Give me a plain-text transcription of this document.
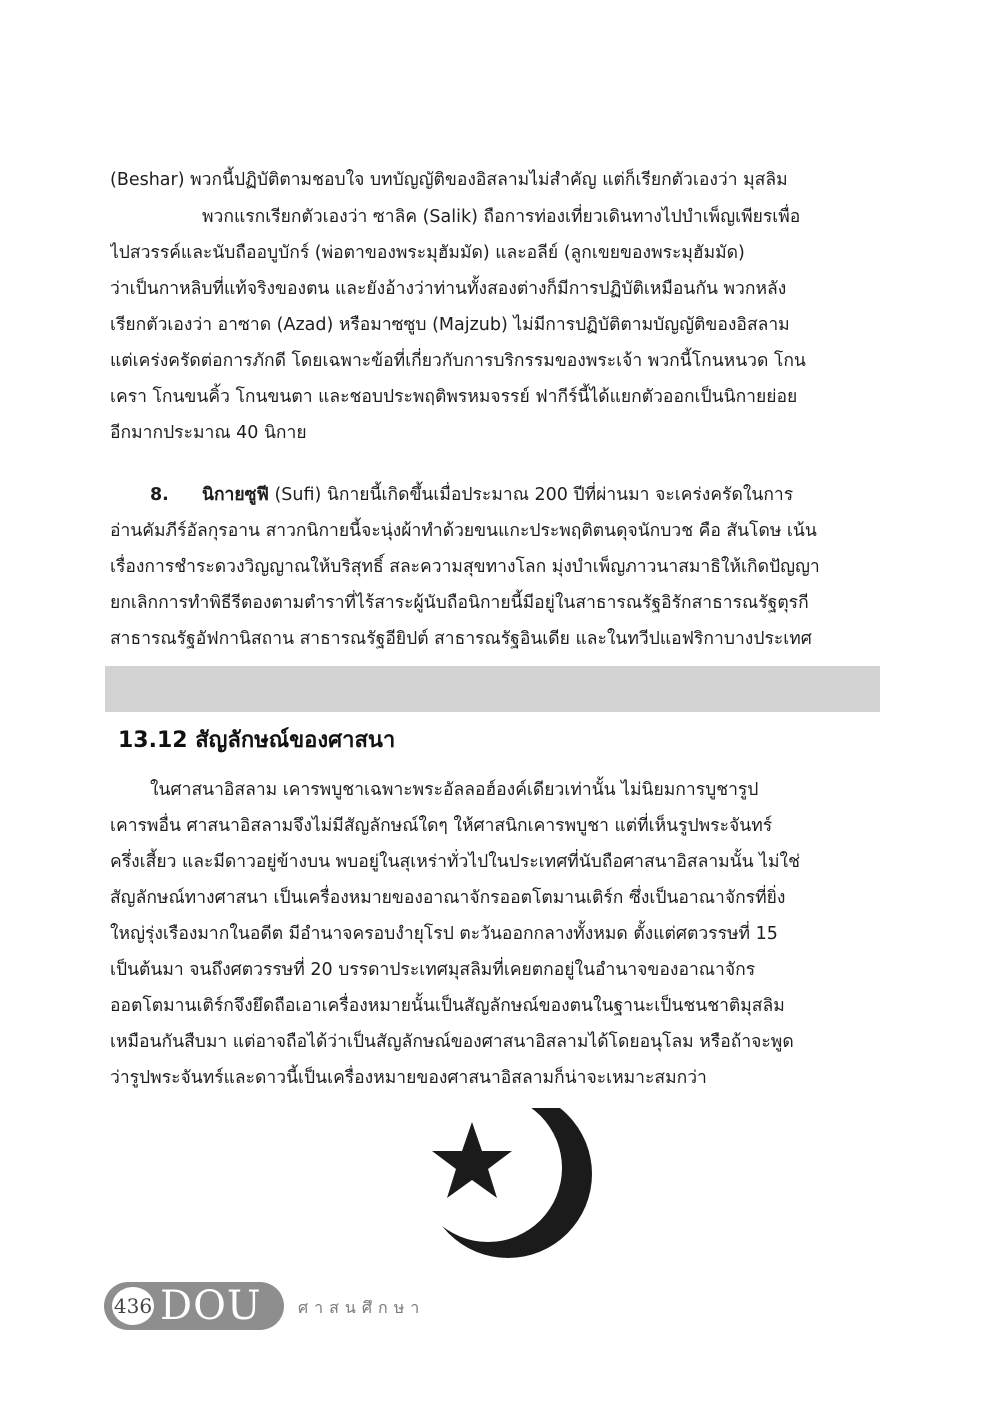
(Beshar) พวกนี้ปฏิบัติตามชอบใจ บทบัญญัติของอิสลามไม่สำคัญ แต่ก็เรียกตัวเองว่า มุสลิม
พวกแรกเรียกตัวเองว่า ซาลิค (Salik) ถือการท่องเที่ยวเดินทางไปบำเพ็ญเพียรเพื่อ
ไปสวรรค์และนับถืออบูบักร์ (พ่อตาของพระมุฮัมมัด) และอลีย์ (ลูกเขยของพระมุฮัมมัด)
ว่าเป็นกาหลิบที่แท้จริงของตน และยังอ้างว่าท่านทั้งสองต่างก็มีการปฏิบัติเหมือนกัน พวกหลัง
เรียกตัวเองว่า อาซาด (Azad) หรือมาซซูบ (Majzub) ไม่มีการปฏิบัติตามบัญญัติของอิสลาม
แต่เคร่งครัดต่อการภักดี โดยเฉพาะข้อที่เกี่ยวกับการบริกรรมของพระเจ้า พวกนี้โกนหนวด โกน
เครา โกนขนคิ้ว โกนขนตา และชอบประพฤติพรหมจรรย์ ฟากีร์นี้ได้แยกตัวออกเป็นนิกายย่อย
อีกมากประมาณ 40 นิกาย
8. นิกายซูฟี (Sufi) นิกายนี้เกิดขึ้นเมื่อประมาณ 200 ปีที่ผ่านมา จะเคร่งครัดในการ
อ่านคัมภีร์อัลกุรอาน สาวกนิกายนี้จะนุ่งผ้าทำด้วยขนแกะประพฤติตนดุจนักบวช คือ สันโดษ เน้น
เรื่องการชำระดวงวิญญาณให้บริสุทธิ์ สละความสุขทางโลก มุ่งบำเพ็ญภาวนาสมาธิให้เกิดปัญญา
ยกเลิกการทำพิธีรีตองตามตำราที่ไร้สาระผู้นับถือนิกายนี้มีอยู่ในสาธารณรัฐอิรักสาธารณรัฐตุรกี
สาธารณรัฐอัฟกานิสถาน สาธารณรัฐอียิปต์ สาธารณรัฐอินเดีย และในทวีปแอฟริกาบางประเทศ
13.12 สัญลักษณ์ของศาสนา
ในศาสนาอิสลาม เคารพบูชาเฉพาะพระอัลลอฮ์องค์เดียวเท่านั้น ไม่นิยมการบูชารูป
เคารพอื่น ศาสนาอิสลามจึงไม่มีสัญลักษณ์ใดๆ ให้ศาสนิกเคารพบูชา แต่ที่เห็นรูปพระจันทร์
ครึ่งเสี้ยว และมีดาวอยู่ข้างบน พบอยู่ในสุเหร่าทั่วไปในประเทศที่นับถือศาสนาอิสลามนั้น ไม่ใช่
สัญลักษณ์ทางศาสนา เป็นเครื่องหมายของอาณาจักรออตโตมานเติร์ก ซึ่งเป็นอาณาจักรที่ยิ่ง
ใหญ่รุ่งเรืองมากในอดีต มีอำนาจครอบงำยุโรป ตะวันออกกลางทั้งหมด ตั้งแต่ศตวรรษที่ 15
เป็นต้นมา จนถึงศตวรรษที่ 20 บรรดาประเทศมุสลิมที่เคยตกอยู่ในอำนาจของอาณาจักร
ออตโตมานเติร์กจึงยึดถือเอาเครื่องหมายนั้นเป็นสัญลักษณ์ของตนในฐานะเป็นชนชาติมุสลิม
เหมือนกันสืบมา แต่อาจถือได้ว่าเป็นสัญลักษณ์ของศาสนาอิสลามได้โดยอนุโลม หรือถ้าจะพูด
ว่ารูปพระจันทร์และดาวนี้เป็นเครื่องหมายของศาสนาอิสลามก็น่าจะเหมาะสมกว่า
436 DOU ศาสนศึกษา
